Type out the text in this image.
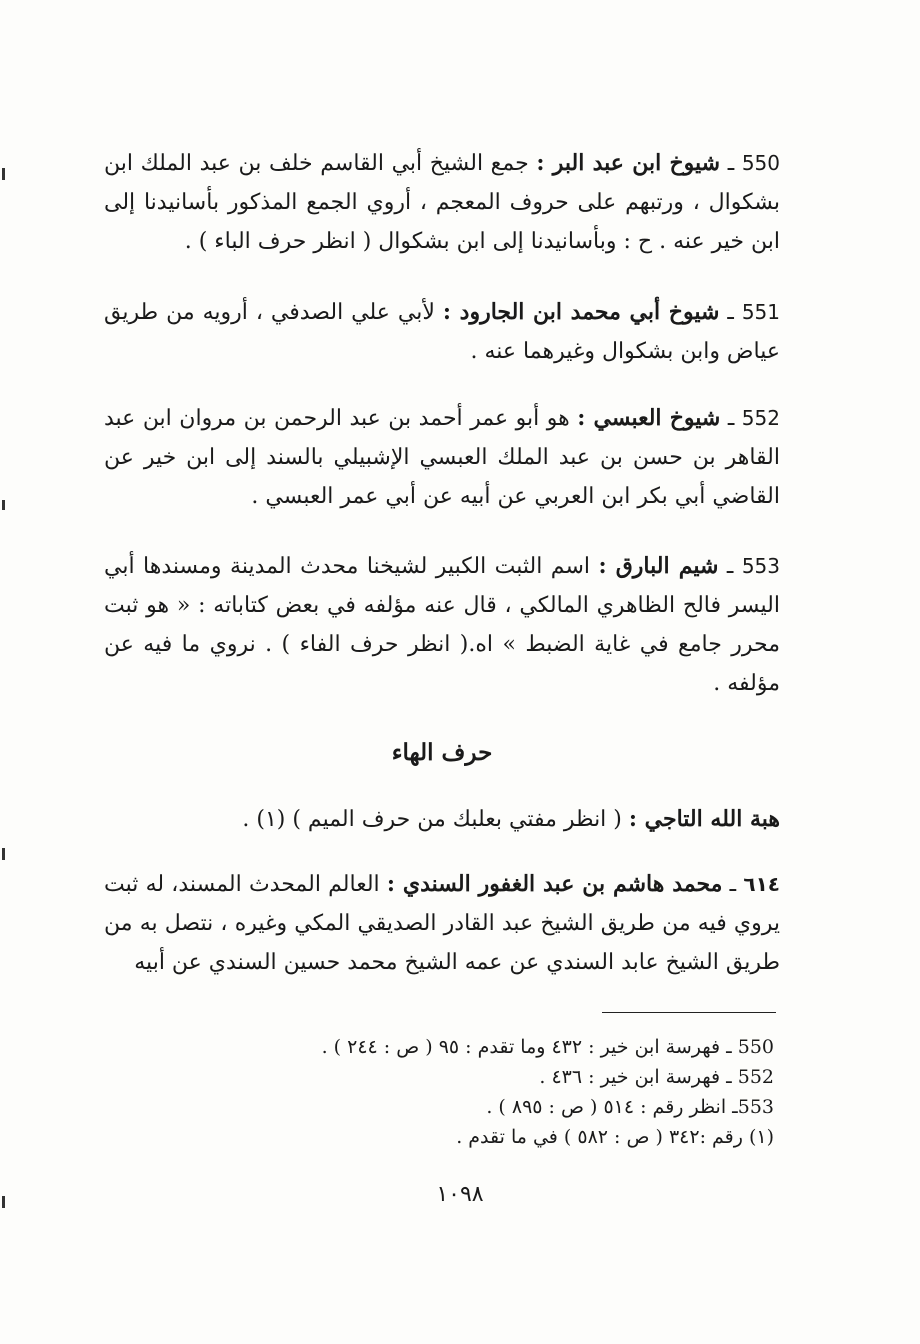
550 ـ شيوخ ابن عبد البر : جمع الشيخ أبي القاسم خلف بن عبد الملك ابن بشكوال ، ورتبهم على حروف المعجم ، أروي الجمع المذكور بأسانيدنا إلى ابن خير عنه . ح : وبأسانيدنا إلى ابن بشكوال ( انظر حرف الباء ) .

551 ـ شيوخ أبي محمد ابن الجارود : لأبي علي الصدفي ، أرويه من طريق عياض وابن بشكوال وغيرهما عنه .

552 ـ شيوخ العبسي : هو أبو عمر أحمد بن عبد الرحمن بن مروان ابن عبد القاهر بن حسن بن عبد الملك العبسي الإشبيلي بالسند إلى ابن خير عن القاضي أبي بكر ابن العربي عن أبيه عن أبي عمر العبسي .

553 ـ شيم البارق : اسم الثبت الكبير لشيخنا محدث المدينة ومسندها أبي اليسر فالح الظاهري المالكي ، قال عنه مؤلفه في بعض كتاباته : « هو ثبت محرر جامع في غاية الضبط » اه.( انظر حرف الفاء ) . نروي ما فيه عن مؤلفه .

حرف الهاء

هبة الله التاجي : ( انظر مفتي بعلبك من حرف الميم ) (١) .

٦١٤ ـ محمد هاشم بن عبد الغفور السندي : العالم المحدث المسند، له ثبت يروي فيه من طريق الشيخ عبد القادر الصديقي المكي وغيره ، نتصل به من طريق الشيخ عابد السندي عن عمه الشيخ محمد حسين السندي عن أبيه

550 ـ فهرسة ابن خير : ٤٣٢ وما تقدم : ٩٥ ( ص : ٢٤٤ ) .

552 ـ فهرسة ابن خير : ٤٣٦ .

553ـ انظر رقم : ٥١٤ ( ص : ٨٩٥ ) .

(١) رقم :٣٤٢ ( ص : ٥٨٢ ) في ما تقدم .

١٠٩٨
